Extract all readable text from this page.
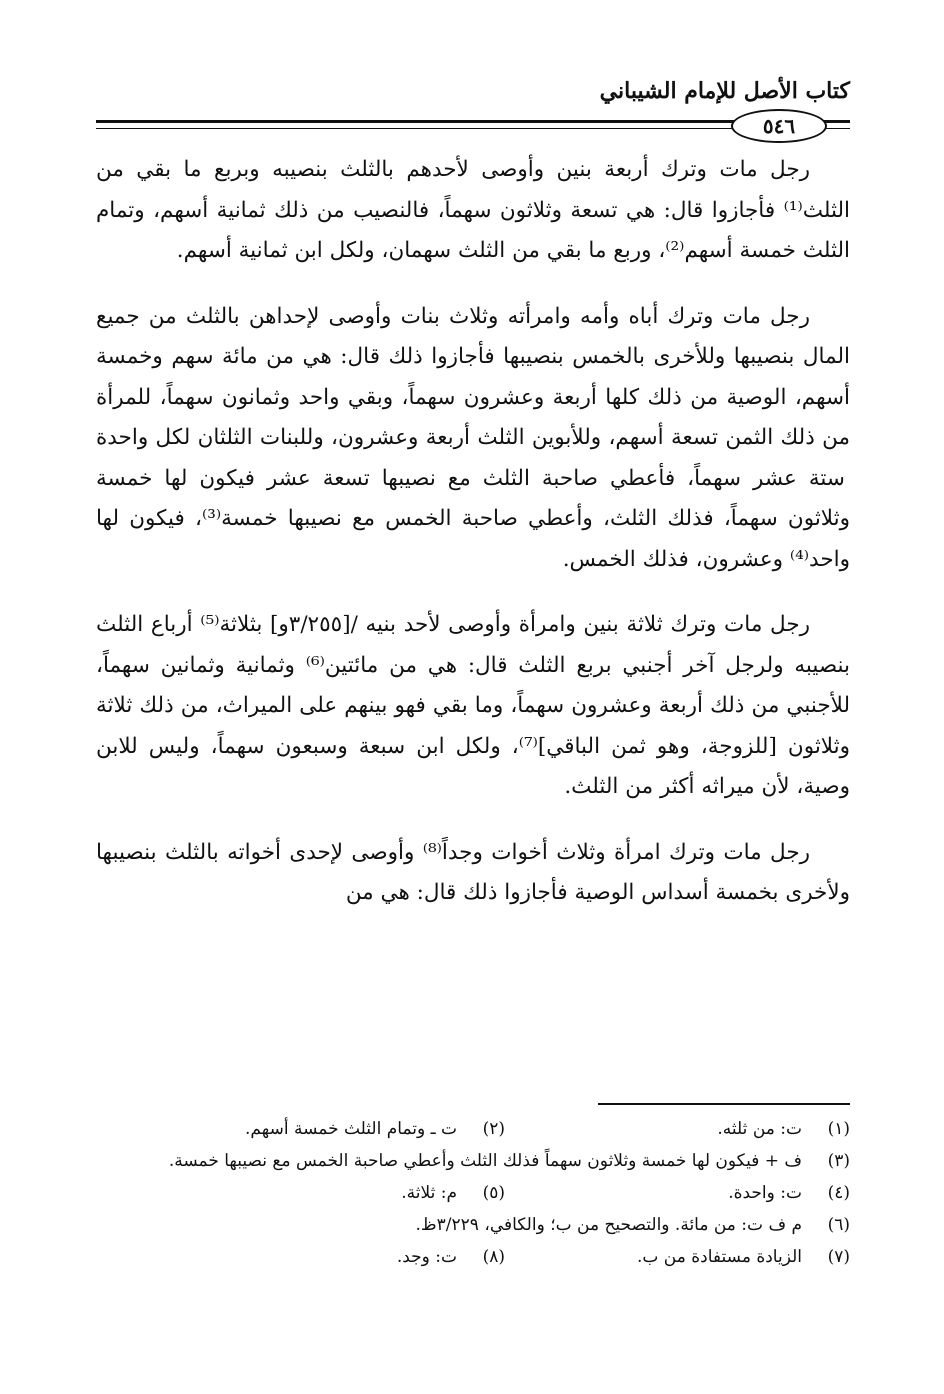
كتاب الأصل للإمام الشيباني
٥٤٦

رجل مات وترك أربعة بنين وأوصى لأحدهم بالثلث بنصيبه وبربع ما بقي من الثلث⁽¹⁾ فأجازوا قال: هي تسعة وثلاثون سهماً، فالنصيب من ذلك ثمانية أسهم، وتمام الثلث خمسة أسهم⁽²⁾، وربع ما بقي من الثلث سهمان، ولكل ابن ثمانية أسهم.

رجل مات وترك أباه وأمه وامرأته وثلاث بنات وأوصى لإحداهن بالثلث من جميع المال بنصيبها وللأخرى بالخمس بنصيبها فأجازوا ذلك قال: هي من مائة سهم وخمسة أسهم، الوصية من ذلك كلها أربعة وعشرون سهماً، وبقي واحد وثمانون سهماً، للمرأة من ذلك الثمن تسعة أسهم، وللأبوين الثلث أربعة وعشرون، وللبنات الثلثان لكل واحدة ستة عشر سهماً، فأعطي صاحبة الثلث مع نصيبها تسعة عشر فيكون لها خمسة وثلاثون سهماً، فذلك الثلث، وأعطي صاحبة الخمس مع نصيبها خمسة⁽³⁾، فيكون لها واحد⁽⁴⁾ وعشرون، فذلك الخمس.

رجل مات وترك ثلاثة بنين وامرأة وأوصى لأحد بنيه /[٣/٢٥٥و] بثلاثة⁽⁵⁾ أرباع الثلث بنصيبه ولرجل آخر أجنبي بربع الثلث قال: هي من مائتين⁽⁶⁾ وثمانية وثمانين سهماً، للأجنبي من ذلك أربعة وعشرون سهماً، وما بقي فهو بينهم على الميراث، من ذلك ثلاثة وثلاثون [للزوجة، وهو ثمن الباقي]⁽⁷⁾، ولكل ابن سبعة وسبعون سهماً، وليس للابن وصية، لأن ميراثه أكثر من الثلث.

رجل مات وترك امرأة وثلاث أخوات وجداً⁽⁸⁾ وأوصى لإحدى أخواته بالثلث بنصيبها ولأخرى بخمسة أسداس الوصية فأجازوا ذلك قال: هي من

(١)
ت: من ثلثه.
(٢)
ت ـ وتمام الثلث خمسة أسهم.
(٣)
ف + فيكون لها خمسة وثلاثون سهماً فذلك الثلث وأعطي صاحبة الخمس مع نصيبها خمسة.
(٤)
ت: واحدة.
(٥)
م: ثلاثة.
(٦)
م ف ت: من مائة. والتصحيح من ب؛ والكافي، ٣/٢٢٩ظ.
(٧)
الزيادة مستفادة من ب.
(٨)
ت: وجد.
